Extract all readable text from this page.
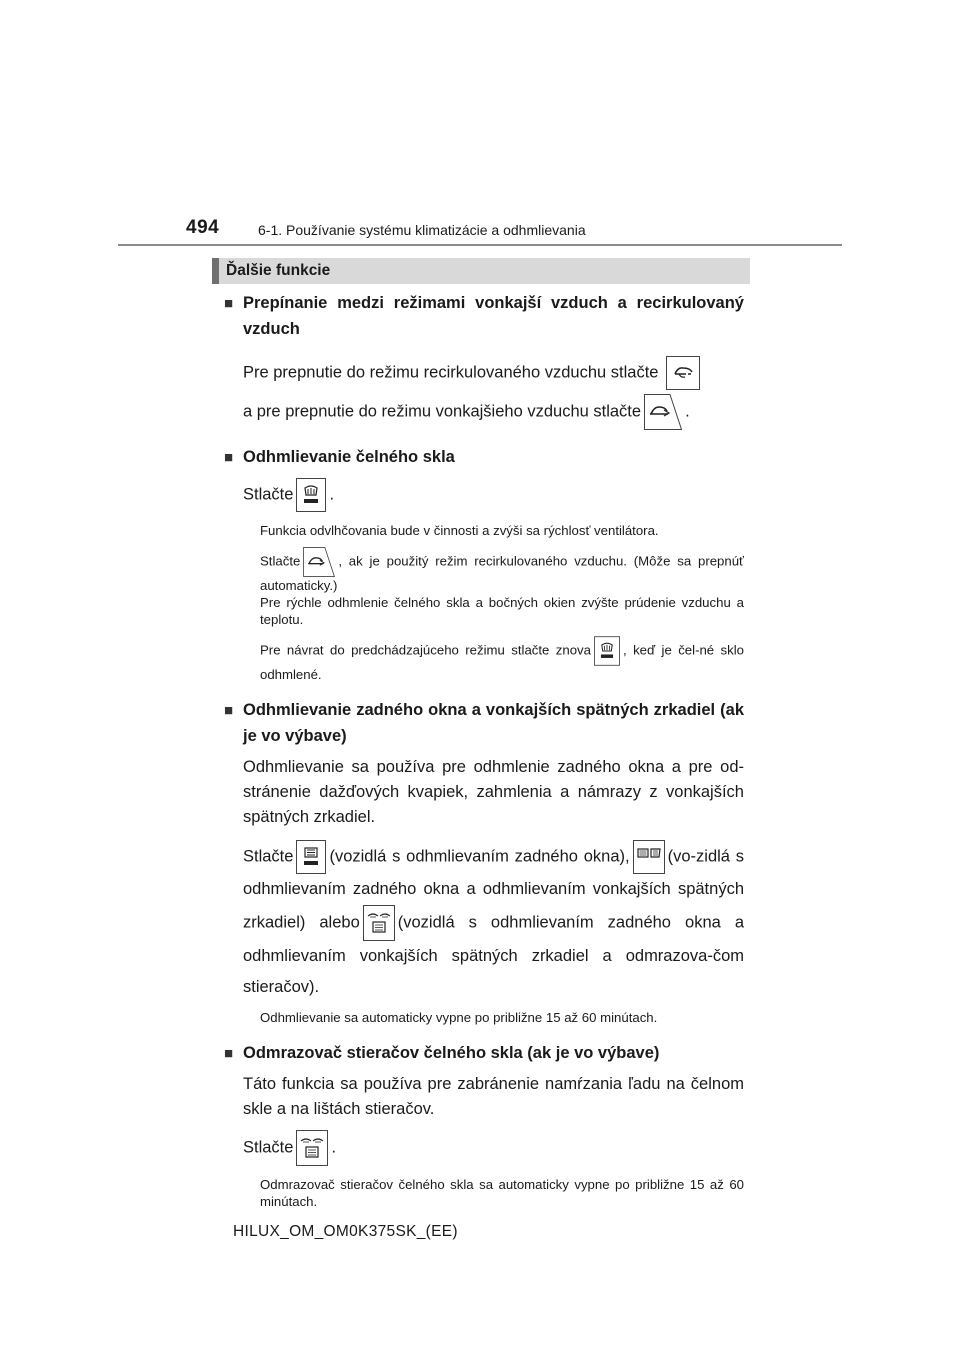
494	6-1. Používanie systému klimatizácie a odhmlievania
Ďalšie funkcie
■ Prepínanie medzi režimami vonkajší vzduch a recirkulovaný vzduch
Pre prepnutie do režimu recirkulovaného vzduchu stlačte
a pre prepnutie do režimu vonkajšieho vzduchu stlačte	.
■ Odhmlievanie čelného skla
Stlačte .
Funkcia odvlhčovania bude v činnosti a zvýši sa rýchlosť ventilátora.
Stlačte	, ak je použitý režim recirkulovaného vzduchu. (Môže sa prepnúť automaticky.)
Pre rýchle odhmlenie čelného skla a bočných okien zvýšte prúdenie vzduchu a teplotu.
Pre návrat do predchádzajúceho režimu stlačte znova , keď je čel-né sklo odhmlené.
■ Odhmlievanie zadného okna a vonkajších spätných zrkadiel (ak je vo výbave)
Odhmlievanie sa používa pre odhmlenie zadného okna a pre od-stránenie dažďových kvapiek, zahmlenia a námrazy z vonkajších spätných zrkadiel.
Stlačte (vozidlá s odhmlievaním zadného okna), (vo-zidlá s odhmlievaním zadného okna a odhmlievaním vonkajších spätných zrkadiel) alebo (vozidlá s odhmlievaním zadného okna a odhmlievaním vonkajších spätných zrkadiel a odmrazova-čom stieračov).
Odhmlievanie sa automaticky vypne po približne 15 až 60 minútach.
■ Odmrazovač stieračov čelného skla (ak je vo výbave)
Táto funkcia sa používa pre zabránenie namŕzania ľadu na čelnom skle a na lištách stieračov.
Stlačte .
Odmrazovač stieračov čelného skla sa automaticky vypne po približne 15 až 60 minútach.
HILUX_OM_OM0K375SK_(EE)
